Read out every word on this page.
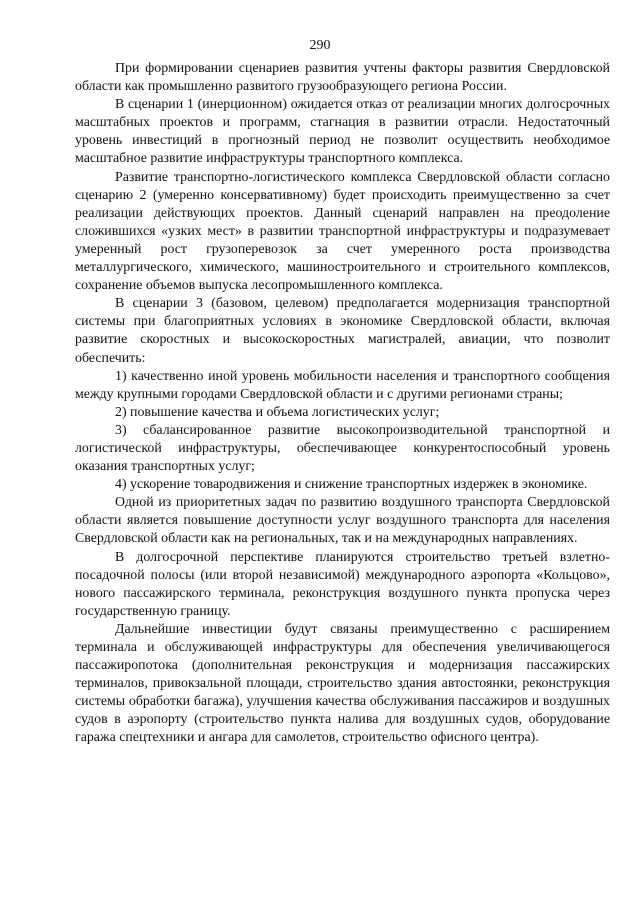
290

При формировании сценариев развития учтены факторы развития Свердловской области как промышленно развитого грузообразующего региона России.

В сценарии 1 (инерционном) ожидается отказ от реализации многих долгосрочных масштабных проектов и программ, стагнация в развитии отрасли. Недостаточный уровень инвестиций в прогнозный период не позволит осуществить необходимое масштабное развитие инфраструктуры транспортного комплекса.

Развитие транспортно-логистического комплекса Свердловской области согласно сценарию 2 (умеренно консервативному) будет происходить преимущественно за счет реализации действующих проектов. Данный сценарий направлен на преодоление сложившихся «узких мест» в развитии транспортной инфраструктуры и подразумевает умеренный рост грузоперевозок за счет умеренного роста производства металлургического, химического, машиностроительного и строительного комплексов, сохранение объемов выпуска лесопромышленного комплекса.

В сценарии 3 (базовом, целевом) предполагается модернизация транспортной системы при благоприятных условиях в экономике Свердловской области, включая развитие скоростных и высокоскоростных магистралей, авиации, что позволит обеспечить:

1) качественно иной уровень мобильности населения и транспортного сообщения между крупными городами Свердловской области и с другими регионами страны;

2) повышение качества и объема логистических услуг;

3) сбалансированное развитие высокопроизводительной транспортной и логистической инфраструктуры, обеспечивающее конкурентоспособный уровень оказания транспортных услуг;

4) ускорение товародвижения и снижение транспортных издержек в экономике.

Одной из приоритетных задач по развитию воздушного транспорта Свердловской области является повышение доступности услуг воздушного транспорта для населения Свердловской области как на региональных, так и на международных направлениях.

В долгосрочной перспективе планируются строительство третьей взлетно-посадочной полосы (или второй независимой) международного аэропорта «Кольцово», нового пассажирского терминала, реконструкция воздушного пункта пропуска через государственную границу.

Дальнейшие инвестиции будут связаны преимущественно с расширением терминала и обслуживающей инфраструктуры для обеспечения увеличивающегося пассажиропотока (дополнительная реконструкция и модернизация пассажирских терминалов, привокзальной площади, строительство здания автостоянки, реконструкция системы обработки багажа), улучшения качества обслуживания пассажиров и воздушных судов в аэропорту (строительство пункта налива для воздушных судов, оборудование гаража спецтехники и ангара для самолетов, строительство офисного центра).
